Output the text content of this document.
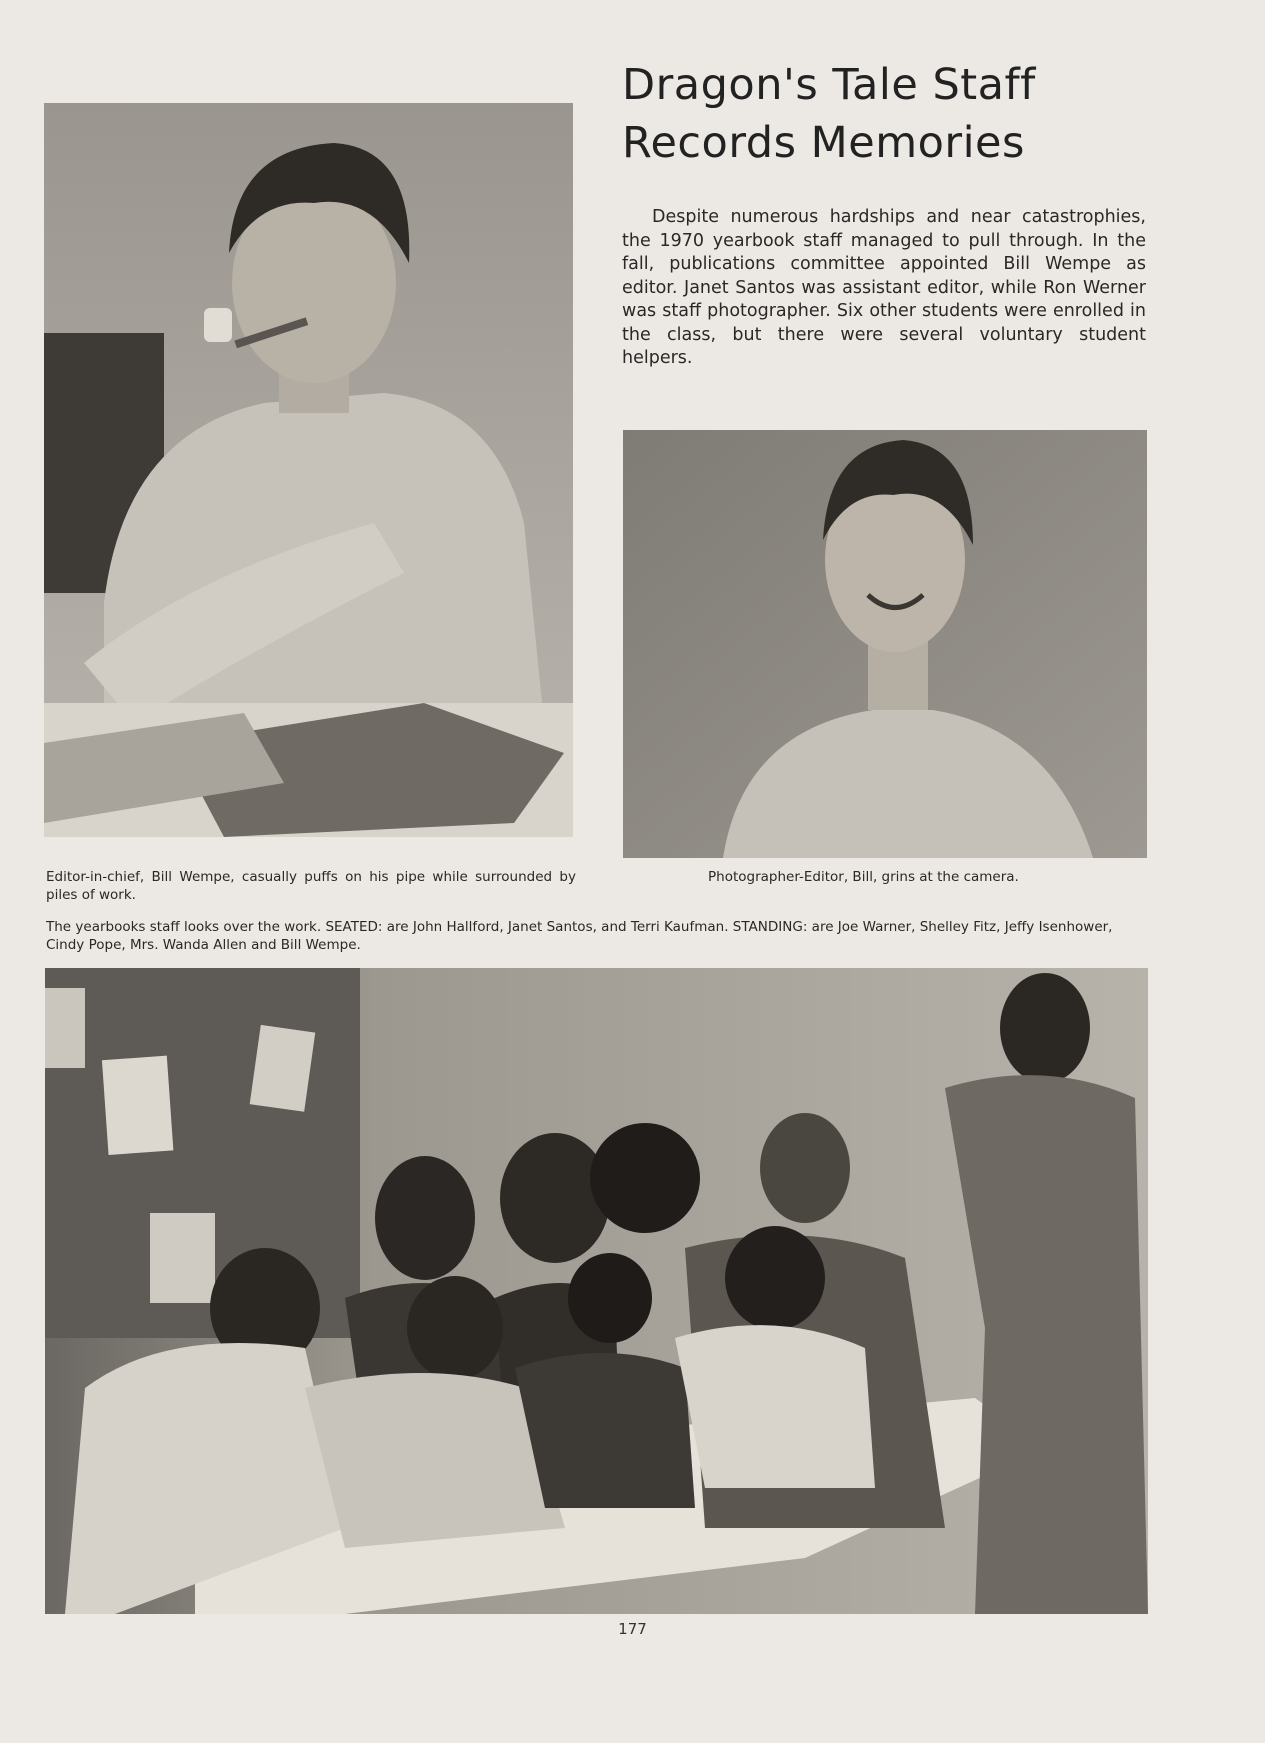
Dragon's Tale Staff
Records Memories
Despite numerous hardships and near catastrophies, the 1970 yearbook staff managed to pull through. In the fall, publications committee appointed Bill Wempe as editor. Janet Santos was assistant editor, while Ron Werner was staff photographer. Six other students were enrolled in the class, but there were several voluntary student helpers.
Editor-in-chief, Bill Wempe, casually puffs on his pipe while surrounded by piles of work.
Photographer-Editor, Bill, grins at the camera.
The yearbooks staff looks over the work. SEATED: are John Hallford, Janet Santos, and Terri Kaufman. STANDING: are Joe Warner, Shelley Fitz, Jeffy Isenhower, Cindy Pope, Mrs. Wanda Allen and Bill Wempe.
177
